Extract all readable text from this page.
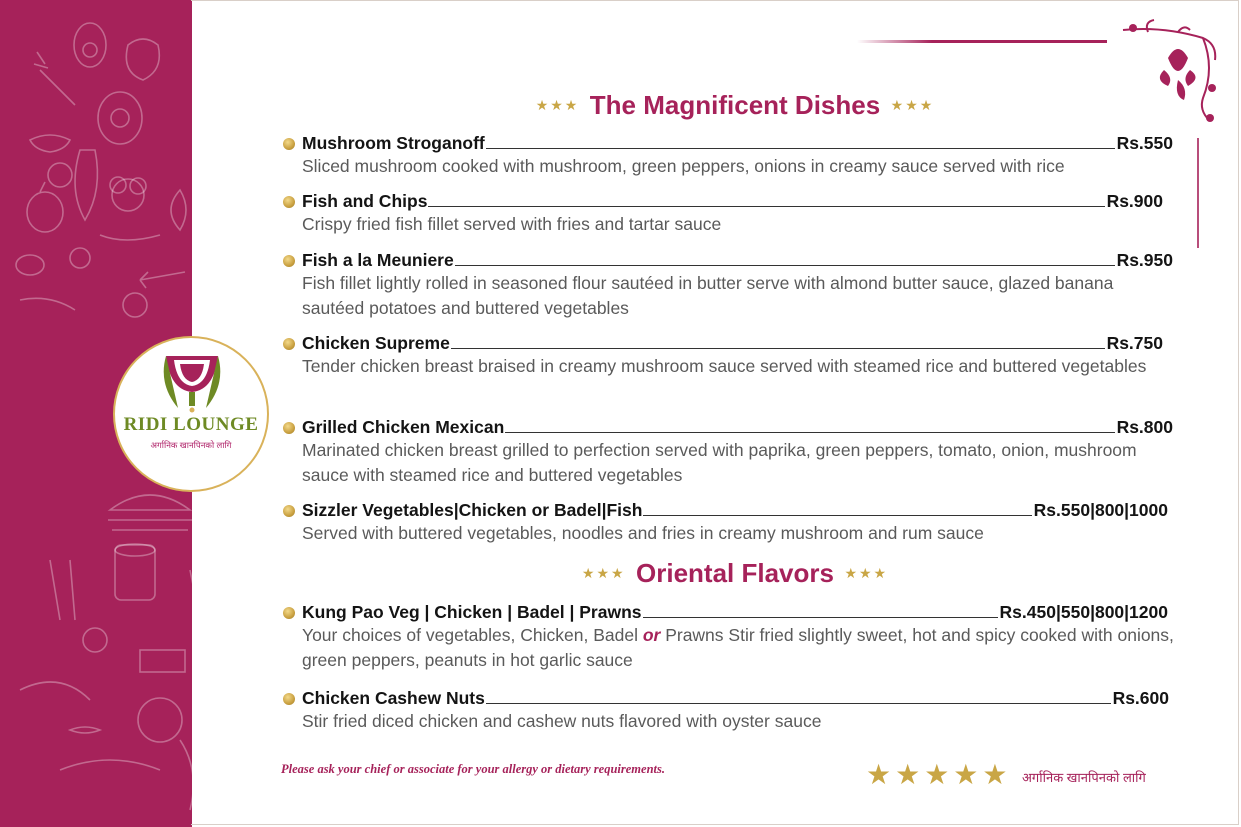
RIDI LOUNGE
अर्गानिक खानपिनको लागि
★★★ The Magnificent Dishes ★★★
Mushroom Stroganoff	Rs.550
Sliced mushroom cooked with mushroom, green peppers, onions in creamy sauce served with rice
Fish and Chips	Rs.900
Crispy fried fish fillet served with fries and tartar sauce
Fish a la Meuniere	Rs.950
Fish fillet lightly rolled in seasoned flour sautéed in butter serve with almond butter sauce, glazed banana sautéed potatoes and buttered vegetables
Chicken Supreme	Rs.750
Tender chicken breast braised in creamy mushroom sauce served with steamed rice and buttered vegetables
Grilled Chicken Mexican	Rs.800
Marinated chicken breast grilled to perfection served with paprika, green peppers, tomato, onion, mushroom sauce with steamed rice and buttered vegetables
Sizzler Vegetables|Chicken or Badel|Fish	Rs.550|800|1000
Served with buttered vegetables, noodles and fries in creamy mushroom and rum sauce
★★★ Oriental Flavors ★★★
Kung Pao Veg | Chicken | Badel | Prawns	Rs.450|550|800|1200
Your choices of vegetables, Chicken, Badel or Prawns Stir fried slightly sweet, hot and spicy cooked with onions, green peppers, peanuts in hot garlic sauce
Chicken Cashew Nuts	Rs.600
Stir fried diced chicken and cashew nuts flavored with oyster sauce
Please ask your chief or associate for your allergy or dietary requirements.	★★★★★ अर्गानिक खानपिनको लागि
